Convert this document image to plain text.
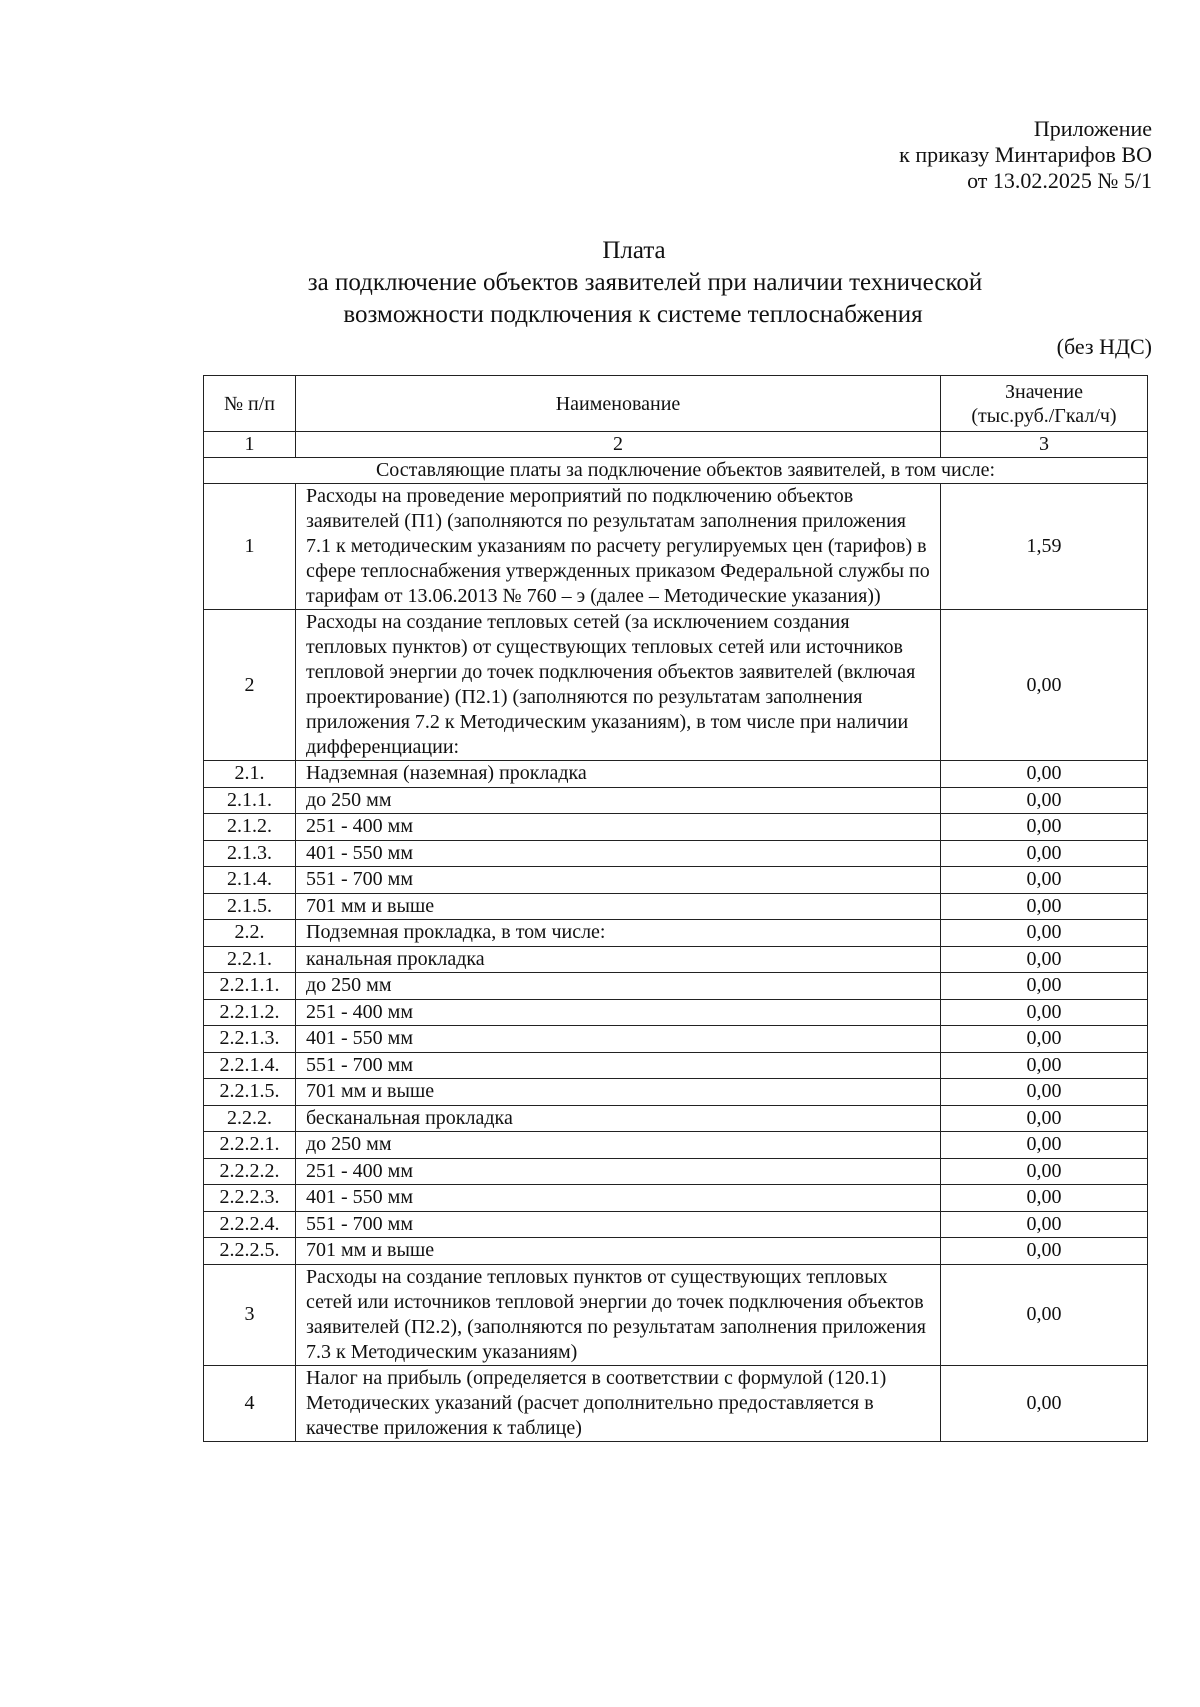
Приложение
к приказу Минтарифов ВО
от 13.02.2025 № 5/1
Плата
за подключение объектов заявителей при наличии технической
возможности подключения к системе теплоснабжения
(без НДС)
№ п/п	Наименование	Значение
(тыс.руб./Гкал/ч)
1	2	3
Составляющие платы за подключение объектов заявителей, в том числе:		
1	Расходы на проведение мероприятий по подключению объектов заявителей (П1) (заполняются по результатам заполнения приложения 7.1 к методическим указаниям по расчету регулируемых цен (тарифов) в сфере теплоснабжения утвержденных приказом Федеральной службы по тарифам от 13.06.2013 № 760 – э (далее – Методические указания))	1,59
2	Расходы на создание тепловых сетей (за исключением создания тепловых пунктов) от существующих тепловых сетей или источников тепловой энергии до точек подключения объектов заявителей (включая проектирование) (П2.1) (заполняются по результатам заполнения приложения 7.2 к Методическим указаниям), в том числе при наличии дифференциации:	0,00
2.1.	Надземная (наземная) прокладка	0,00
2.1.1.	до 250 мм	0,00
2.1.2.	251 - 400 мм	0,00
2.1.3.	401 - 550 мм	0,00
2.1.4.	551 - 700 мм	0,00
2.1.5.	701 мм и выше	0,00
2.2.	Подземная прокладка, в том числе:	0,00
2.2.1.	канальная прокладка	0,00
2.2.1.1.	до 250 мм	0,00
2.2.1.2.	251 - 400 мм	0,00
2.2.1.3.	401 - 550 мм	0,00
2.2.1.4.	551 - 700 мм	0,00
2.2.1.5.	701 мм и выше	0,00
2.2.2.	бесканальная прокладка	0,00
2.2.2.1.	до 250 мм	0,00
2.2.2.2.	251 - 400 мм	0,00
2.2.2.3.	401 - 550 мм	0,00
2.2.2.4.	551 - 700 мм	0,00
2.2.2.5.	701 мм и выше	0,00
3	Расходы на создание тепловых пунктов от существующих тепловых сетей или источников тепловой энергии до точек подключения объектов заявителей (П2.2), (заполняются по результатам заполнения приложения 7.3 к Методическим указаниям)	0,00
4	Налог на прибыль (определяется в соответствии с формулой (120.1) Методических указаний (расчет дополнительно предоставляется в качестве приложения к таблице)	0,00
